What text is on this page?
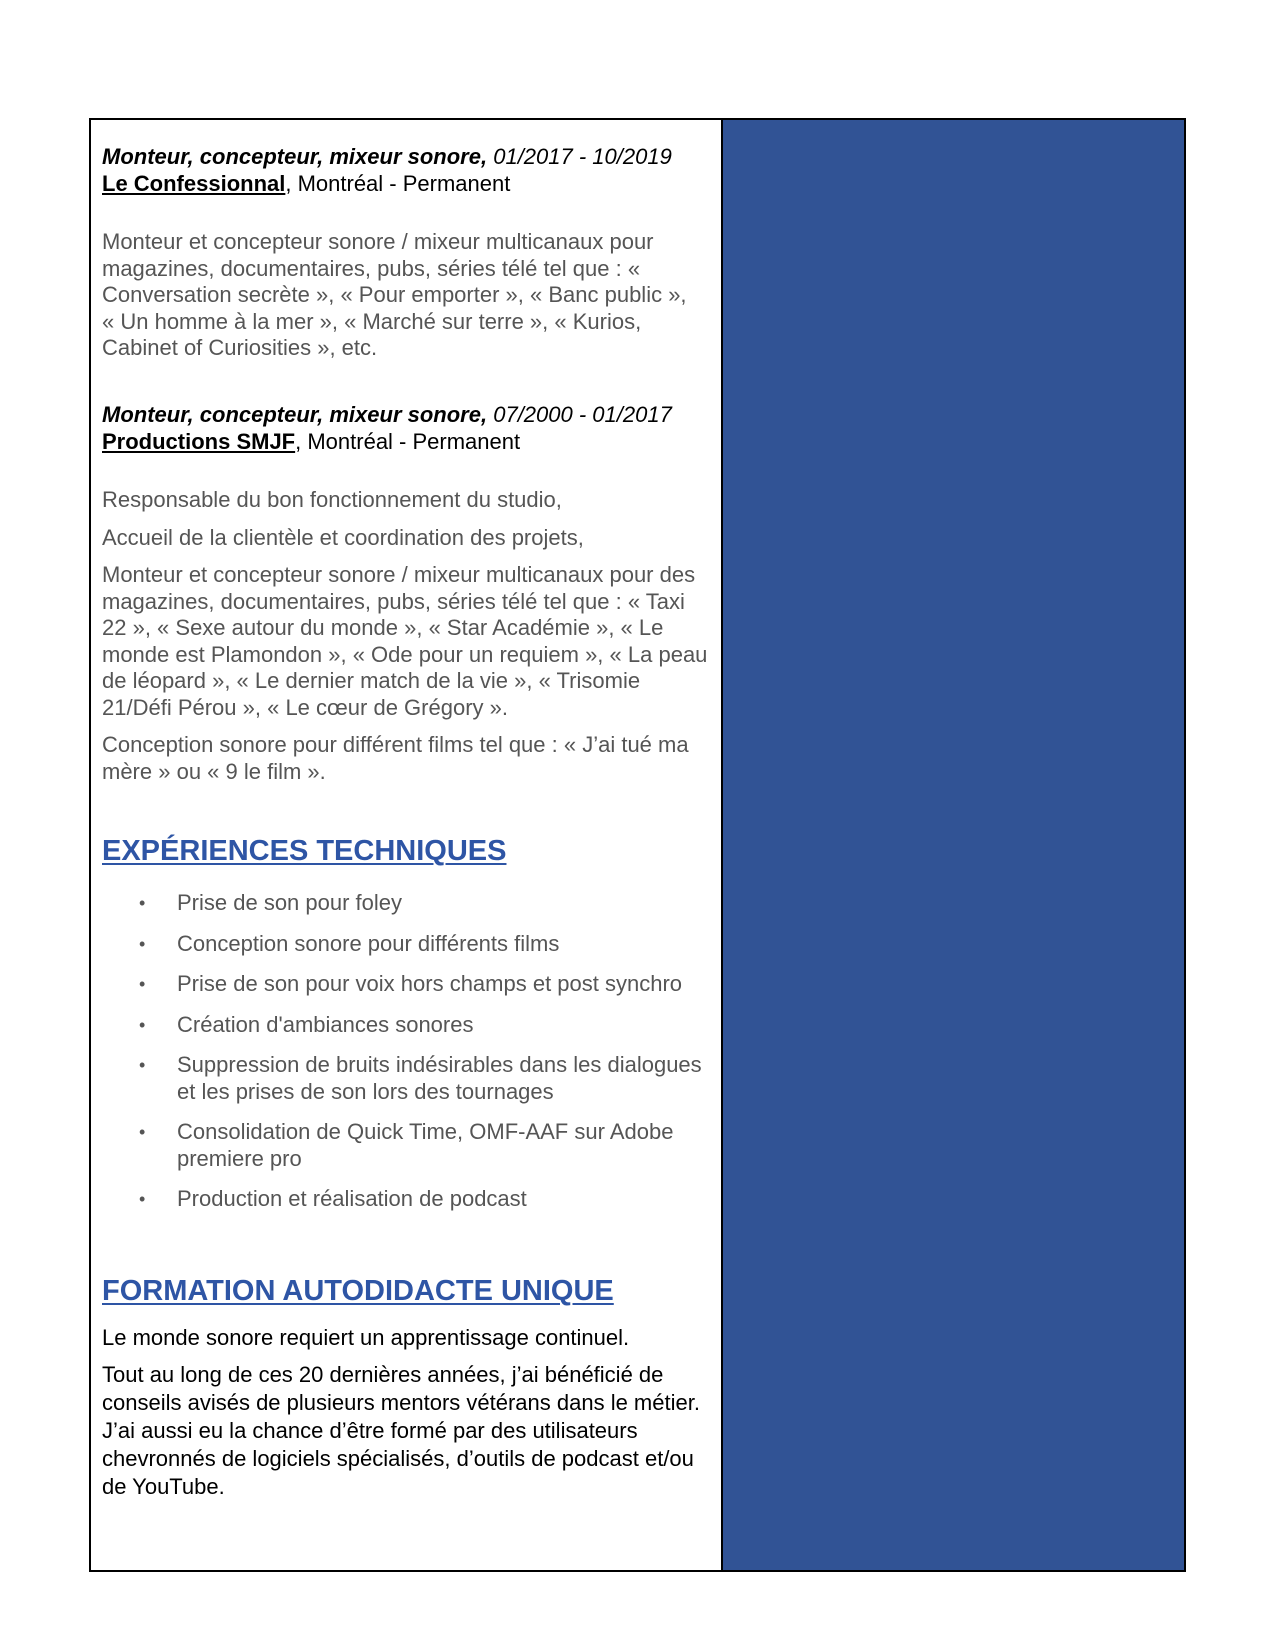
Monteur, concepteur, mixeur sonore, 01/2017 - 10/2019
Le Confessionnal, Montréal - Permanent

Monteur et concepteur sonore / mixeur multicanaux pour magazines, documentaires, pubs, séries télé tel que : « Conversation secrète », « Pour emporter », « Banc public », « Un homme à la mer », « Marché sur terre », « Kurios, Cabinet of Curiosities », etc.

Monteur, concepteur, mixeur sonore, 07/2000 - 01/2017
Productions SMJF, Montréal - Permanent

Responsable du bon fonctionnement du studio,

Accueil de la clientèle et coordination des projets,

Monteur et concepteur sonore / mixeur multicanaux pour des magazines, documentaires, pubs, séries télé tel que : « Taxi 22 », « Sexe autour du monde », « Star Académie », « Le monde est Plamondon », « Ode pour un requiem », « La peau de léopard », « Le dernier match de la vie », « Trisomie 21/Défi Pérou », « Le cœur de Grégory ».

Conception sonore pour différent films tel que : « J’ai tué ma mère » ou « 9 le film ».

EXPÉRIENCES TECHNIQUES
• Prise de son pour foley
• Conception sonore pour différents films
• Prise de son pour voix hors champs et post synchro
• Création d'ambiances sonores
• Suppression de bruits indésirables dans les dialogues et les prises de son lors des tournages
• Consolidation de Quick Time, OMF-AAF sur Adobe premiere pro
• Production et réalisation de podcast
FORMATION AUTODIDACTE UNIQUE

Le monde sonore requiert un apprentissage continuel.

Tout au long de ces 20 dernières années, j’ai bénéficié de conseils avisés de plusieurs mentors vétérans dans le métier. J’ai aussi eu la chance d’être formé par des utilisateurs chevronnés de logiciels spécialisés, d’outils de podcast et/ou de YouTube.
